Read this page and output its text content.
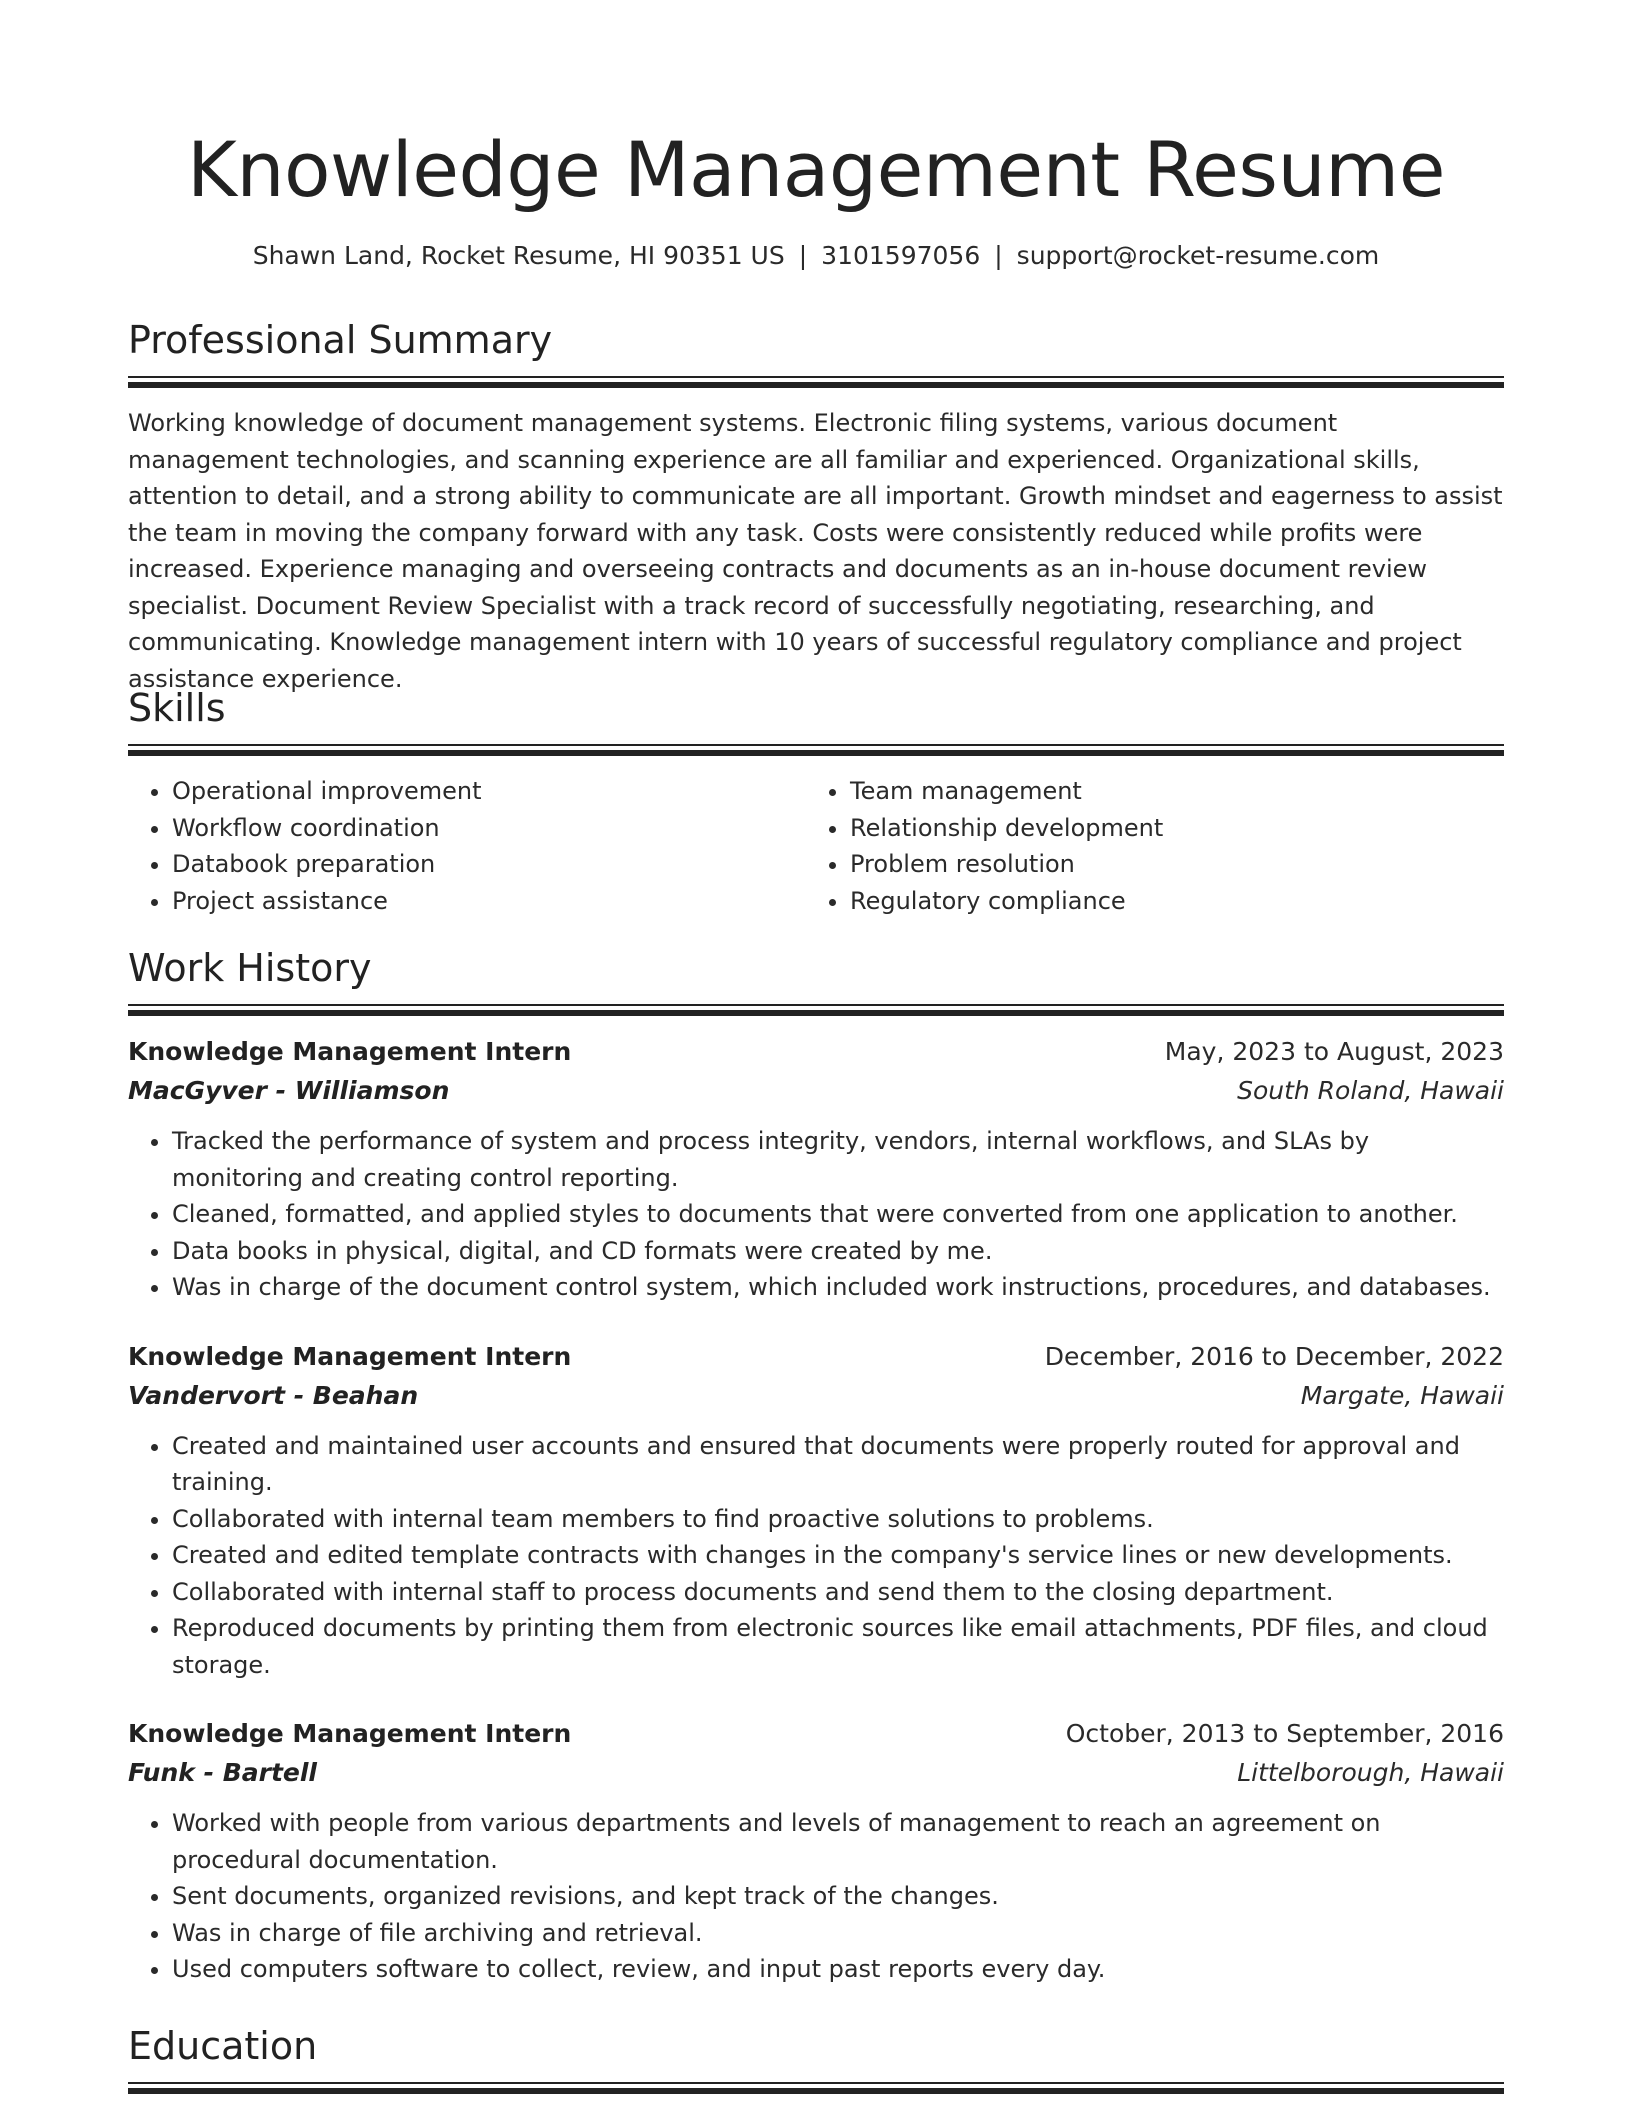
Knowledge Management Resume
Shawn Land, Rocket Resume, HI 90351 US | 3101597056 | support@rocket-resume.com
Professional Summary

Working knowledge of document management systems. Electronic filing systems, various document management technologies, and scanning experience are all familiar and experienced. Organizational skills, attention to detail, and a strong ability to communicate are all important. Growth mindset and eagerness to assist the team in moving the company forward with any task. Costs were consistently reduced while profits were increased. Experience managing and overseeing contracts and documents as an in-house document review specialist. Document Review Specialist with a track record of successfully negotiating, researching, and communicating. Knowledge management intern with 10 years of successful regulatory compliance and project assistance experience.

Skills
• Operational improvement
• Workflow coordination
• Databook preparation
• Project assistance
• Team management
• Relationship development
• Problem resolution
• Regulatory compliance
Work History
Knowledge Management Intern	May, 2023 to August, 2023
MacGyver - Williamson	South Roland, Hawaii
• Tracked the performance of system and process integrity, vendors, internal workflows, and SLAs by monitoring and creating control reporting.
• Cleaned, formatted, and applied styles to documents that were converted from one application to another.
• Data books in physical, digital, and CD formats were created by me.
• Was in charge of the document control system, which included work instructions, procedures, and databases.
Knowledge Management Intern	December, 2016 to December, 2022
Vandervort - Beahan	Margate, Hawaii
• Created and maintained user accounts and ensured that documents were properly routed for approval and training.
• Collaborated with internal team members to find proactive solutions to problems.
• Created and edited template contracts with changes in the company's service lines or new developments.
• Collaborated with internal staff to process documents and send them to the closing department.
• Reproduced documents by printing them from electronic sources like email attachments, PDF files, and cloud storage.
Knowledge Management Intern	October, 2013 to September, 2016
Funk - Bartell	Littelborough, Hawaii
• Worked with people from various departments and levels of management to reach an agreement on procedural documentation.
• Sent documents, organized revisions, and kept track of the changes.
• Was in charge of file archiving and retrieval.
• Used computers software to collect, review, and input past reports every day.
Education
